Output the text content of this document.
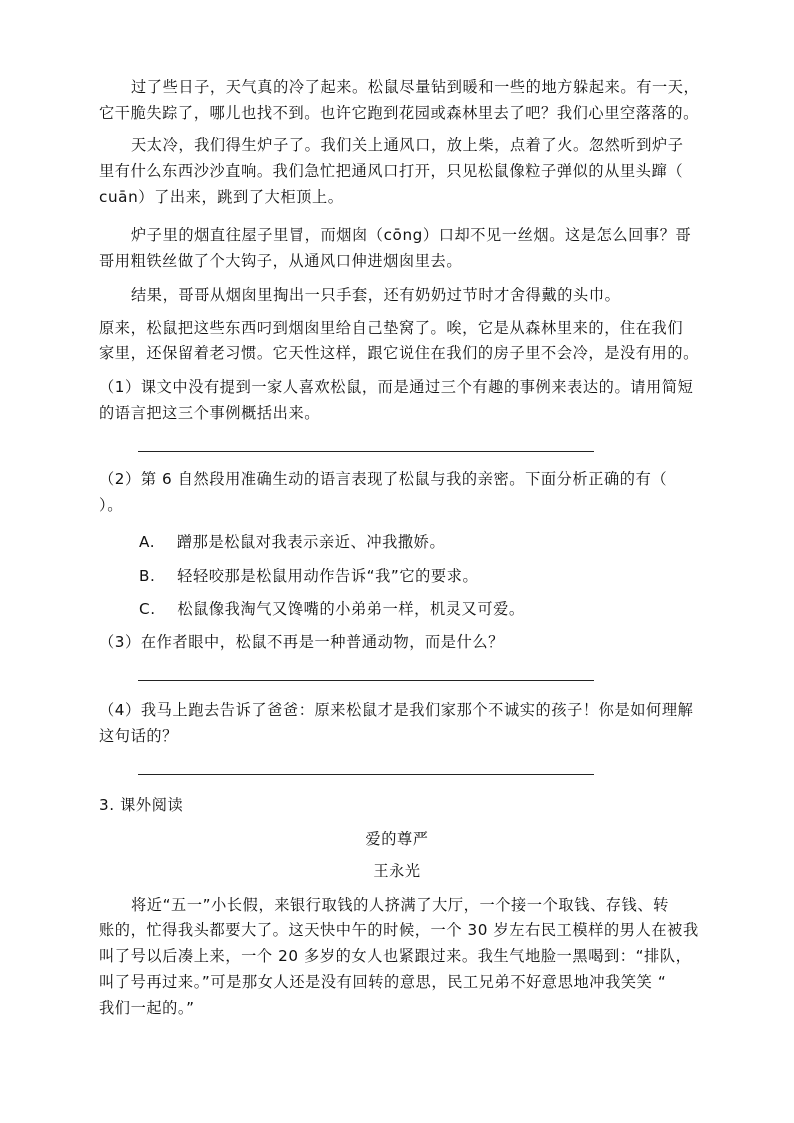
过了些日子，天气真的冷了起来。松鼠尽量钻到暖和一些的地方躲起来。有一天，
它干脆失踪了，哪儿也找不到。也许它跑到花园或森林里去了吧？我们心里空落落的。
天太冷，我们得生炉子了。我们关上通风口，放上柴，点着了火。忽然听到炉子
里有什么东西沙沙直响。我们急忙把通风口打开，只见松鼠像粒子弹似的从里头蹿（
cuān）了出来，跳到了大柜顶上。
炉子里的烟直往屋子里冒，而烟囱（cōng）口却不见一丝烟。这是怎么回事？哥
哥用粗铁丝做了个大钩子，从通风口伸进烟囱里去。
结果，哥哥从烟囱里掏出一只手套，还有奶奶过节时才舍得戴的头巾。
原来，松鼠把这些东西叼到烟囱里给自己垫窝了。唉，它是从森林里来的，住在我们
家里，还保留着老习惯。它天性这样，跟它说住在我们的房子里不会冷，是没有用的。
（1）课文中没有提到一家人喜欢松鼠，而是通过三个有趣的事例来表达的。请用简短
的语言把这三个事例概括出来。
（2）第 6 自然段用准确生动的语言表现了松鼠与我的亲密。下面分析正确的有（
）。
A. 蹭那是松鼠对我表示亲近、冲我撒娇。
B. 轻轻咬那是松鼠用动作告诉“我”它的要求。
C. 松鼠像我淘气又馋嘴的小弟弟一样，机灵又可爱。
（3）在作者眼中，松鼠不再是一种普通动物，而是什么？
（4）我马上跑去告诉了爸爸：原来松鼠才是我们家那个不诚实的孩子！你是如何理解
这句话的？
3. 课外阅读
爱的尊严
王永光
将近“五一”小长假，来银行取钱的人挤满了大厅，一个接一个取钱、存钱、转
账的，忙得我头都要大了。这天快中午的时候，一个 30 岁左右民工模样的男人在被我
叫了号以后凑上来，一个 20 多岁的女人也紧跟过来。我生气地脸一黑喝到：“排队，
叫了号再过来。”可是那女人还是没有回转的意思，民工兄弟不好意思地冲我笑笑 “
我们一起的。”
